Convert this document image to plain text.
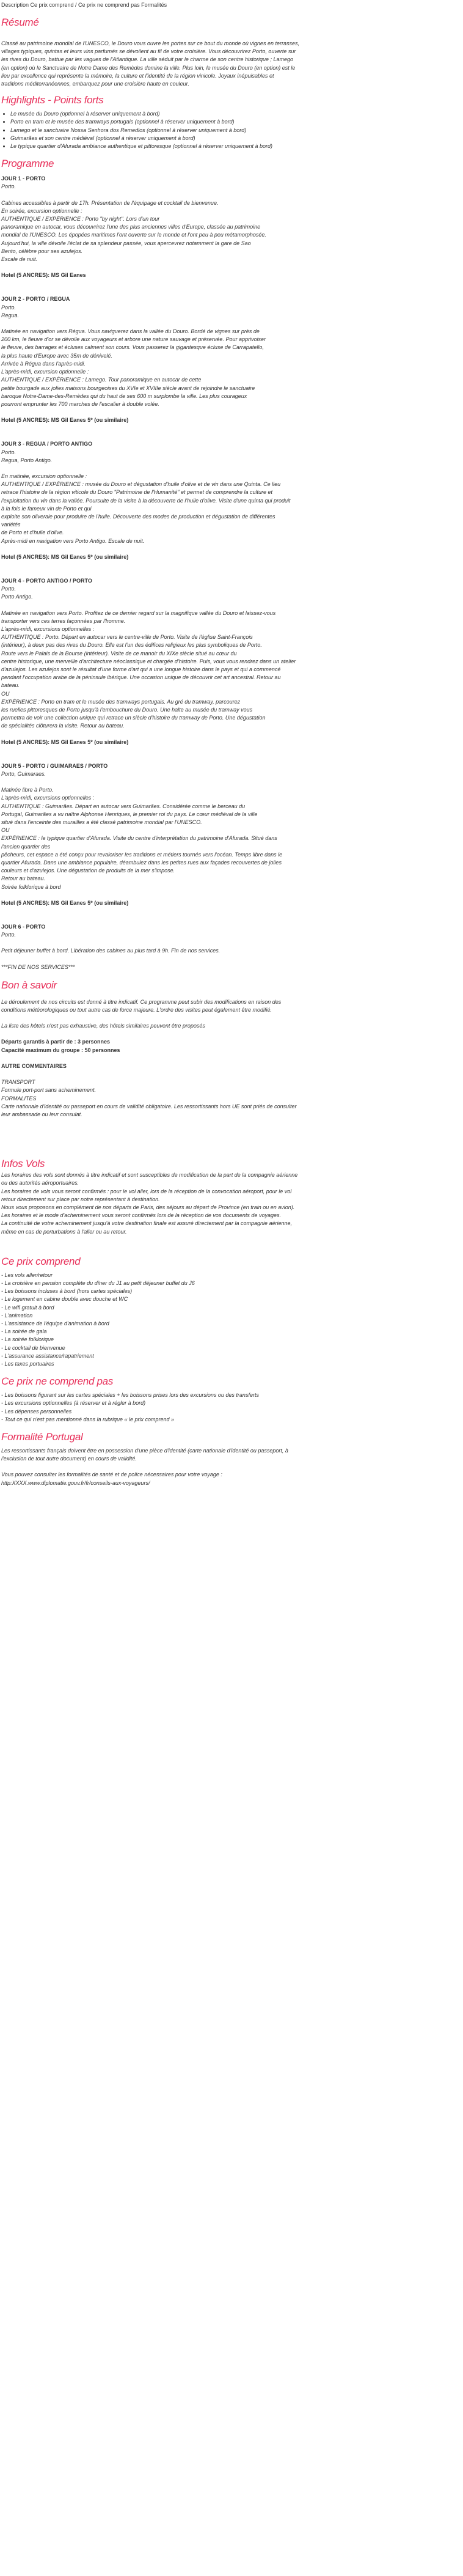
Description Ce prix comprend / Ce prix ne comprend pas Formalités
Résumé
Classé au patrimoine mondial de l'UNESCO, le Douro vous ouvre les portes sur ce bout du monde où vignes en terrasses,
villages typiques, quintas et leurs vins parfumés se dévoilent au fil de votre croisière. Vous découvrirez Porto, ouverte sur
les rives du Douro, battue par les vagues de l'Atlantique. La ville séduit par le charme de son centre historique ; Lamego
(en option) où le Sanctuaire de Notre Dame des Remèdes domine la ville. Plus loin, le musée du Douro (en option) est le
lieu par excellence qui représente la mémoire, la culture et l'identité de la région vinicole. Joyaux inépuisables et
traditions méditerranéennes, embarquez pour une croisière haute en couleur.
Highlights - Points forts
• Le musée du Douro (optionnel à réserver uniquement à bord)
• Porto en tram et le musée des tramways portugais (optionnel à réserver uniquement à bord)
• Lamego et le sanctuaire Nossa Senhora dos Remedios (optionnel à réserver uniquement à bord)
• Guimarães et son centre médiéval (optionnel à réserver uniquement à bord)
• Le typique quartier d'Afurada ambiance authentique et pittoresque (optionnel à réserver uniquement à bord)
Programme
JOUR 1 - PORTO
Porto.
Cabines accessibles à partir de 17h. Présentation de l'équipage et cocktail de bienvenue.
En soirée, excursion optionnelle :
AUTHENTIQUE / EXPÉRIENCE : Porto "by night". Lors d'un tour
panoramique en autocar, vous découvrirez l'une des plus anciennes villes d'Europe, classée au patrimoine
mondial de l'UNESCO. Les épopées maritimes l'ont ouverte sur le monde et l'ont peu à peu métamorphosée.
Aujourd'hui, la ville dévoile l'éclat de sa splendeur passée, vous apercevrez notamment la gare de Sao
Bento, célèbre pour ses azulejos.
Escale de nuit.
Hotel (5 ANCRES): MS Gil Eanes
JOUR 2 - PORTO / REGUA
Porto.
Regua.
Matinée en navigation vers Régua. Vous naviguerez dans la vallée du Douro. Bordé de vignes sur près de
200 km, le fleuve d'or se dévoile aux voyageurs et arbore une nature sauvage et préservée. Pour apprivoiser
le fleuve, des barrages et écluses calment son cours. Vous passerez la gigantesque écluse de Carrapatello,
la plus haute d'Europe avec 35m de dénivelé.
Arrivée à Régua dans l'après-midi.
L'après-midi, excursion optionnelle :
AUTHENTIQUE / EXPÉRIENCE : Lamego. Tour panoramique en autocar de cette
petite bourgade aux jolies maisons bourgeoises du XVIe et XVIIIe siècle avant de rejoindre le sanctuaire
baroque Notre-Dame-des-Remèdes qui du haut de ses 600 m surplombe la ville. Les plus courageux
pourront emprunter les 700 marches de l'escalier à double volée.
Hotel (5 ANCRES): MS Gil Eanes 5* (ou similaire)
JOUR 3 - REGUA / PORTO ANTIGO
Porto.
Regua, Porto Antigo.
En matinée, excursion optionnelle :
AUTHENTIQUE / EXPÉRIENCE : musée du Douro et dégustation d'huile d'olive et de vin dans une Quinta. Ce lieu
retrace l'histoire de la région viticole du Douro "Patrimoine de l'Humanité" et permet de comprendre la culture et
l'exploitation du vin dans la vallée. Poursuite de la visite à la découverte de l'huile d'olive. Visite d'une quinta qui produit
à la fois le fameux vin de Porto et qui
exploite son oliveraie pour produire de l'huile. Découverte des modes de production et dégustation de différentes
variétés
de Porto et d'huile d'olive.
Après-midi en navigation vers Porto Antigo. Escale de nuit.
Hotel (5 ANCRES): MS Gil Eanes 5* (ou similaire)
JOUR 4 - PORTO ANTIGO / PORTO
Porto.
Porto Antigo.
Matinée en navigation vers Porto. Profitez de ce dernier regard sur la magnifique vallée du Douro et laissez-vous
transporter vers ces terres façonnées par l'homme.
L'après-midi, excursions optionnelles :
AUTHENTIQUE : Porto. Départ en autocar vers le centre-ville de Porto. Visite de l'église Saint-François
(intérieur), à deux pas des rives du Douro. Elle est l'un des édifices religieux les plus symboliques de Porto.
Route vers le Palais de la Bourse (intérieur). Visite de ce manoir du XIXe siècle situé au cœur du
centre historique, une merveille d'architecture néoclassique et chargée d'histoire. Puis, vous vous rendrez dans un atelier
d'azulejos. Les azulejos sont le résultat d'une forme d'art qui a une longue histoire dans le pays et qui a commencé
pendant l'occupation arabe de la péninsule ibérique. Une occasion unique de découvrir cet art ancestral. Retour au
bateau.
OU
EXPÉRIENCE : Porto en tram et le musée des tramways portugais. Au gré du tramway, parcourez
les ruelles pittoresques de Porto jusqu'à l'embouchure du Douro. Une halte au musée du tramway vous
permettra de voir une collection unique qui retrace un siècle d'histoire du tramway de Porto. Une dégustation
de spécialités clôturera la visite. Retour au bateau.
Hotel (5 ANCRES): MS Gil Eanes 5* (ou similaire)
JOUR 5 - PORTO / GUIMARAES / PORTO
Porto, Guimaraes.
Matinée libre à Porto.
L'après-midi, excursions optionnelles :
AUTHENTIQUE : Guimarães. Départ en autocar vers Guimarães. Considérée comme le berceau du
Portugal, Guimarães a vu naître Alphonse Henriques, le premier roi du pays. Le cœur médiéval de la ville
situé dans l'enceinte des murailles a été classé patrimoine mondial par l'UNESCO.
OU
EXPÉRIENCE : le typique quartier d'Afurada. Visite du centre d'interprétation du patrimoine d'Afurada. Situé dans
l'ancien quartier des
pêcheurs, cet espace a été conçu pour revaloriser les traditions et métiers tournés vers l'océan. Temps libre dans le
quartier Afurada. Dans une ambiance populaire, déambulez dans les petites rues aux façades recouvertes de jolies
couleurs et d'azulejos. Une dégustation de produits de la mer s'impose.
Retour au bateau.
Soirée folklorique à bord
Hotel (5 ANCRES): MS Gil Eanes 5* (ou similaire)
JOUR 6 - PORTO
Porto.
Petit déjeuner buffet à bord. Libération des cabines au plus tard à 9h. Fin de nos services.
***FIN DE NOS SERVICES***
Bon à savoir
Le déroulement de nos circuits est donné à titre indicatif. Ce programme peut subir des modifications en raison des
conditions météorologiques ou tout autre cas de force majeure. L'ordre des visites peut également être modifié.
La liste des hôtels n'est pas exhaustive, des hôtels similaires peuvent être proposés
Départs garantis à partir de : 3 personnes
Capacité maximum du groupe : 50 personnes
AUTRE COMMENTAIRES
TRANSPORT
Formule port-port sans acheminement.
FORMALITES
Carte nationale d'identité ou passeport en cours de validité obligatoire. Les ressortissants hors UE sont priés de consulter
leur ambassade ou leur consulat.
Infos Vols
Les horaires des vols sont donnés à titre indicatif et sont susceptibles de modification de la part de la compagnie aérienne
ou des autorités aéroportuaires.
Les horaires de vols vous seront confirmés : pour le vol aller, lors de la réception de la convocation aéroport, pour le vol
retour directement sur place par notre représentant à destination.
Nous vous proposons en complément de nos départs de Paris, des séjours au départ de Province (en train ou en avion).
Les horaires et le mode d'acheminement vous seront confirmés lors de la réception de vos documents de voyages.
La continuité de votre acheminement jusqu'à votre destination finale est assuré directement par la compagnie aérienne,
même en cas de perturbations à l'aller ou au retour.
Ce prix comprend
- Les vols aller/retour
- La croisière en pension complète du dîner du J1 au petit déjeuner buffet du J6
- Les boissons incluses à bord (hors cartes spéciales)
- Le logement en cabine double avec douche et WC
- Le wifi gratuit à bord
- L'animation
- L'assistance de l'équipe d'animation à bord
- La soirée de gala
- La soirée folklorique
- Le cocktail de bienvenue
- L'assurance assistance/rapatriement
- Les taxes portuaires
Ce prix ne comprend pas
- Les boissons figurant sur les cartes spéciales + les boissons prises lors des excursions ou des transferts
- Les excursions optionnelles (à réserver et à régler à bord)
- Les dépenses personnelles
- Tout ce qui n'est pas mentionné dans la rubrique « le prix comprend »
Formalité Portugal
Les ressortissants français doivent être en possession d'une pièce d'identité (carte nationale d'identité ou passeport, à
l'exclusion de tout autre document) en cours de validité.
Vous pouvez consulter les formalités de santé et de police nécessaires pour votre voyage :
http:XXXX.www.diplomatie.gouv.fr/fr/conseils-aux-voyageurs/
